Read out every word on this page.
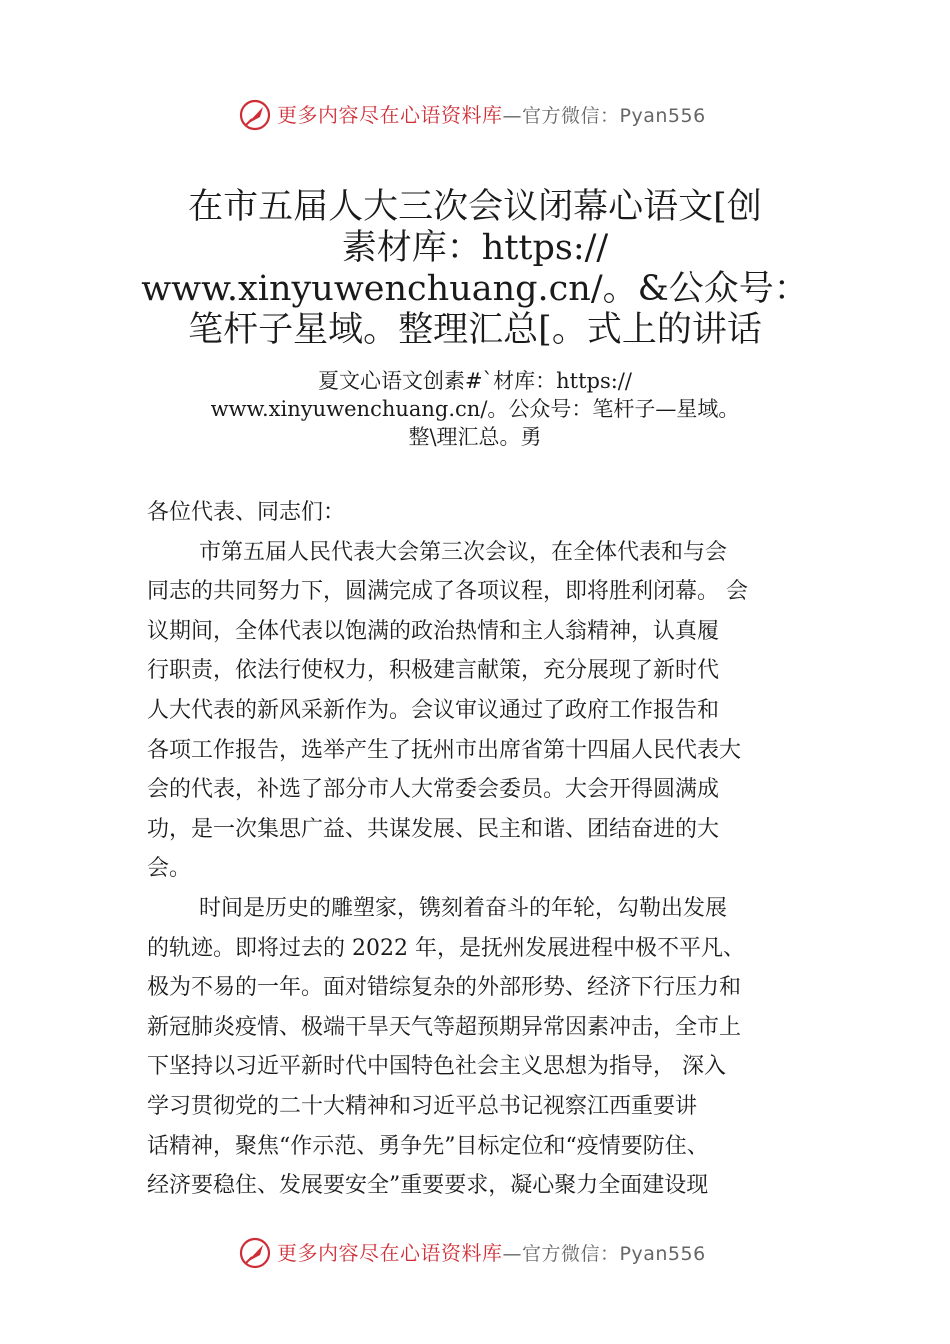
更多内容尽在心语资料库—官方微信：Pyan556
在市五届人大三次会议闭幕心语文[创
素材库：https://
www.xinyuwenchuang.cn/。&公众号：
笔杆子星域。整理汇总[。式上的讲话
夏文心语文创素#`材库：https://
www.xinyuwenchuang.cn/。公众号：笔杆子—星域。
整\理汇总。勇
各位代表、同志们：
市第五届人民代表大会第三次会议，在全体代表和与会
同志的共同努力下，圆满完成了各项议程，即将胜利闭幕。 会
议期间，全体代表以饱满的政治热情和主人翁精神，认真履
行职责，依法行使权力，积极建言献策，充分展现了新时代
人大代表的新风采新作为。会议审议通过了政府工作报告和
各项工作报告，选举产生了抚州市出席省第十四届人民代表大
会的代表，补选了部分市人大常委会委员。大会开得圆满成
功，是一次集思广益、共谋发展、民主和谐、团结奋进的大
会。
时间是历史的雕塑家，镌刻着奋斗的年轮，勾勒出发展
的轨迹。即将过去的 2022 年，是抚州发展进程中极不平凡、
极为不易的一年。面对错综复杂的外部形势、经济下行压力和
新冠肺炎疫情、极端干旱天气等超预期异常因素冲击，全市上
下坚持以习近平新时代中国特色社会主义思想为指导， 深入
学习贯彻党的二十大精神和习近平总书记视察江西重要讲
话精神，聚焦“作示范、勇争先”目标定位和“疫情要防住、
经济要稳住、发展要安全”重要要求，凝心聚力全面建设现
更多内容尽在心语资料库—官方微信：Pyan556
